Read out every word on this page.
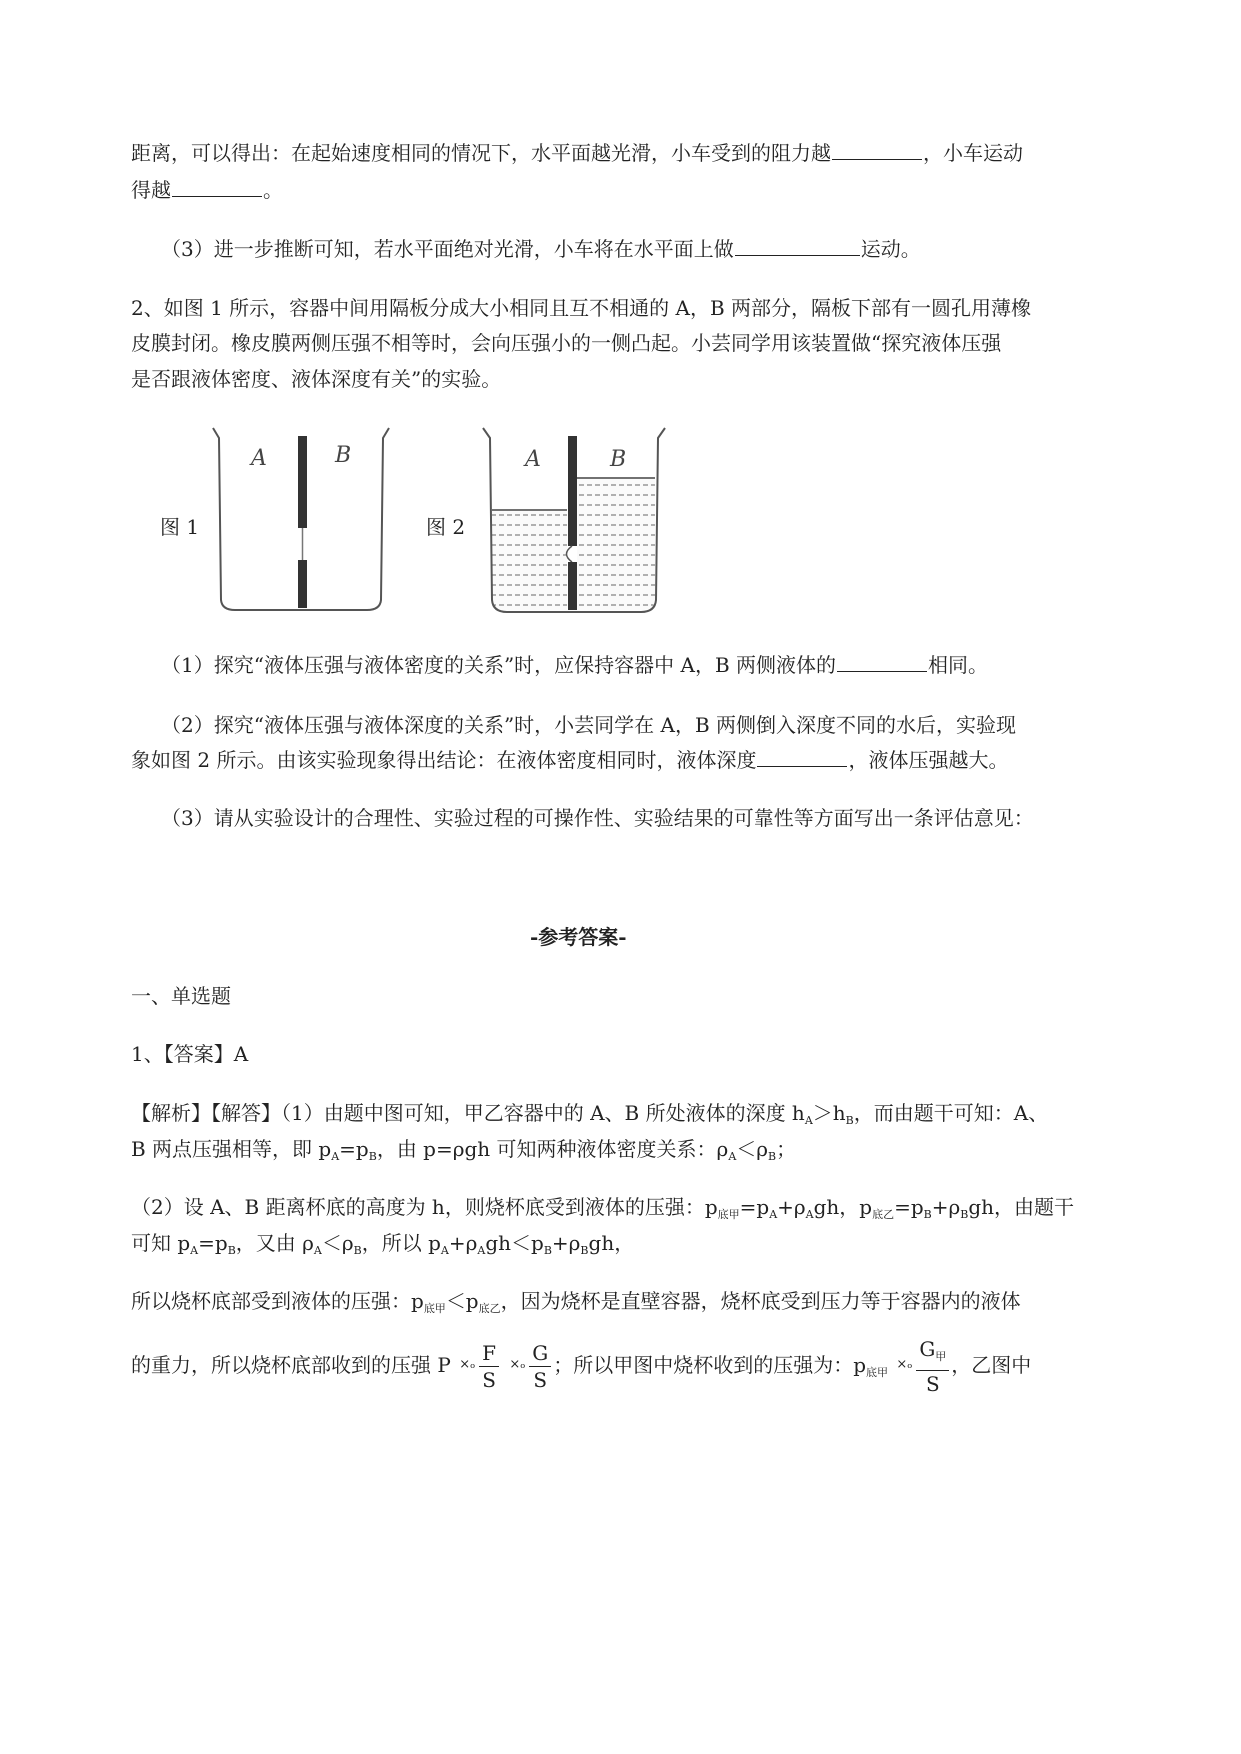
距离，可以得出：在起始速度相同的情况下，水平面越光滑，小车受到的阻力越	，小车运动
得越	。
（3）进一步推断可知，若水平面绝对光滑，小车将在水平面上做	运动。
2、如图 1 所示，容器中间用隔板分成大小相同且互不相通的 A，B 两部分，隔板下部有一圆孔用薄橡
皮膜封闭。橡皮膜两侧压强不相等时，会向压强小的一侧凸起。小芸同学用该装置做“探究液体压强
是否跟液体密度、液体深度有关”的实验。
图 1
A	B
图 2
A	B
（1）探究“液体压强与液体密度的关系”时，应保持容器中 A，B 两侧液体的	相同。
（2）探究“液体压强与液体深度的关系”时，小芸同学在 A，B 两侧倒入深度不同的水后，实验现
象如图 2 所示。由该实验现象得出结论：在液体密度相同时，液体深度	，液体压强越大。
（3）请从实验设计的合理性、实验过程的可操作性、实验结果的可靠性等方面写出一条评估意见：
-参考答案-
一、单选题
1、【答案】A
【解析】【解答】（1）由题中图可知，甲乙容器中的 A、B 所处液体的深度 $h_A>h_B$，而由题干可知：A、
B 两点压强相等，即 $p_A=p_B$，由 p=ρgh 可知两种液体密度关系：$\rho_A<\rho_B$；
（2）设 A、B 距离杯底的高度为 h，则烧杯底受到液体的压强：$p_{底甲}=p_A+\rho_Agh$，$p_{底乙}=p_B+\rho_Bgh$，由题干
可知 $p_A=p_B$，又由 $\rho_A<\rho_B$，所以 $p_A+\rho_Agh<p_B+\rho_Bgh$，
所以烧杯底部受到液体的压强：$p_{底甲}<p_{底乙}$，因为烧杯是直壁容器，烧杯底受到压力等于容器内的液体
的重力，所以烧杯底部收到的压强 P $^{\times_o} \frac{F}{S} ^{\times_o} \frac{G}{S}$ ；所以甲图中烧杯收到的压强为：$p_{底甲}$ $^{\times_o} \frac{G_甲}{S}$ ，乙图中
